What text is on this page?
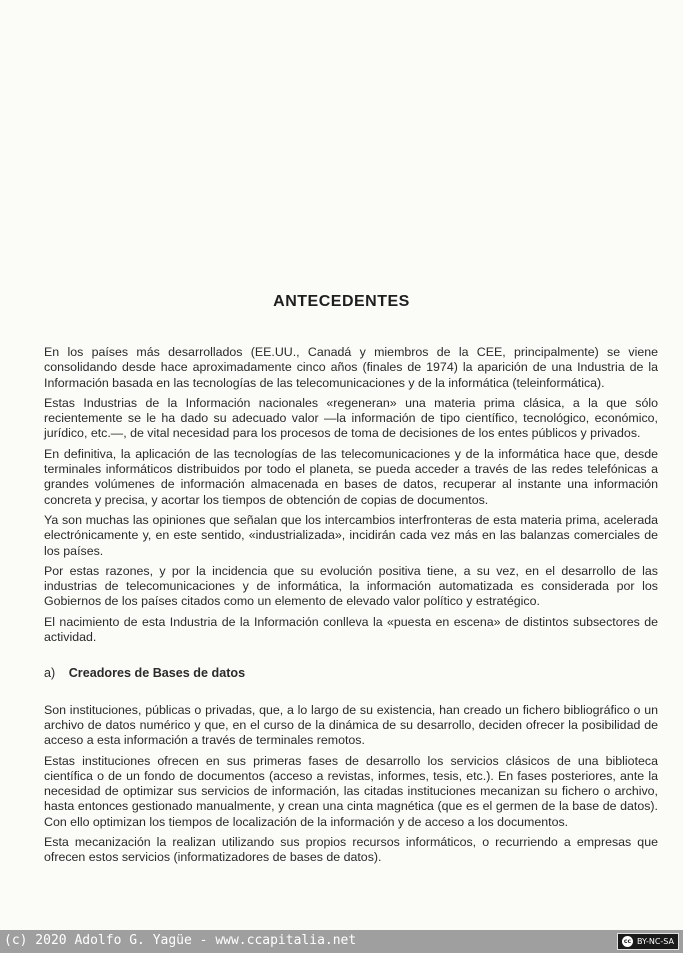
ANTECEDENTES

En los países más desarrollados (EE.UU., Canadá y miembros de la CEE, principalmente) se viene consolidando desde hace aproximadamente cinco años (finales de 1974) la aparición de una Industria de la Información basada en las tecnologías de las telecomunicaciones y de la informática (teleinformática).

Estas Industrias de la Información nacionales «regeneran» una materia prima clásica, a la que sólo recientemente se le ha dado su adecuado valor —la información de tipo científico, tecnológico, económico, jurídico, etc.—, de vital necesidad para los procesos de toma de decisiones de los entes públicos y privados.

En definitiva, la aplicación de las tecnologías de las telecomunicaciones y de la informática hace que, desde terminales informáticos distribuidos por todo el planeta, se pueda acceder a través de las redes telefónicas a grandes volúmenes de información almacenada en bases de datos, recuperar al instante una información concreta y precisa, y acortar los tiempos de obtención de copias de documentos.

Ya son muchas las opiniones que señalan que los intercambios interfronteras de esta materia prima, acelerada electrónicamente y, en este sentido, «industrializada», incidirán cada vez más en las balanzas comerciales de los países.

Por estas razones, y por la incidencia que su evolución positiva tiene, a su vez, en el desarrollo de las industrias de telecomunicaciones y de informática, la información automatizada es considerada por los Gobiernos de los países citados como un elemento de elevado valor político y estratégico.

El nacimiento de esta Industria de la Información conlleva la «puesta en escena» de distintos subsectores de actividad.

a) Creadores de Bases de datos

Son instituciones, públicas o privadas, que, a lo largo de su existencia, han creado un fichero bibliográfico o un archivo de datos numérico y que, en el curso de la dinámica de su desarrollo, deciden ofrecer la posibilidad de acceso a esta información a través de terminales remotos.

Estas instituciones ofrecen en sus primeras fases de desarrollo los servicios clásicos de una biblioteca científica o de un fondo de documentos (acceso a revistas, informes, tesis, etc.). En fases posteriores, ante la necesidad de optimizar sus servicios de información, las citadas instituciones mecanizan su fichero o archivo, hasta entonces gestionado manualmente, y crean una cinta magnética (que es el germen de la base de datos). Con ello optimizan los tiempos de localización de la información y de acceso a los documentos.

Esta mecanización la realizan utilizando sus propios recursos informáticos, o recurriendo a empresas que ofrecen estos servicios (informatizadores de bases de datos).

(c) 2020 Adolfo G. Yagüe - www.ccapitalia.net	cc BY-NC-SA
